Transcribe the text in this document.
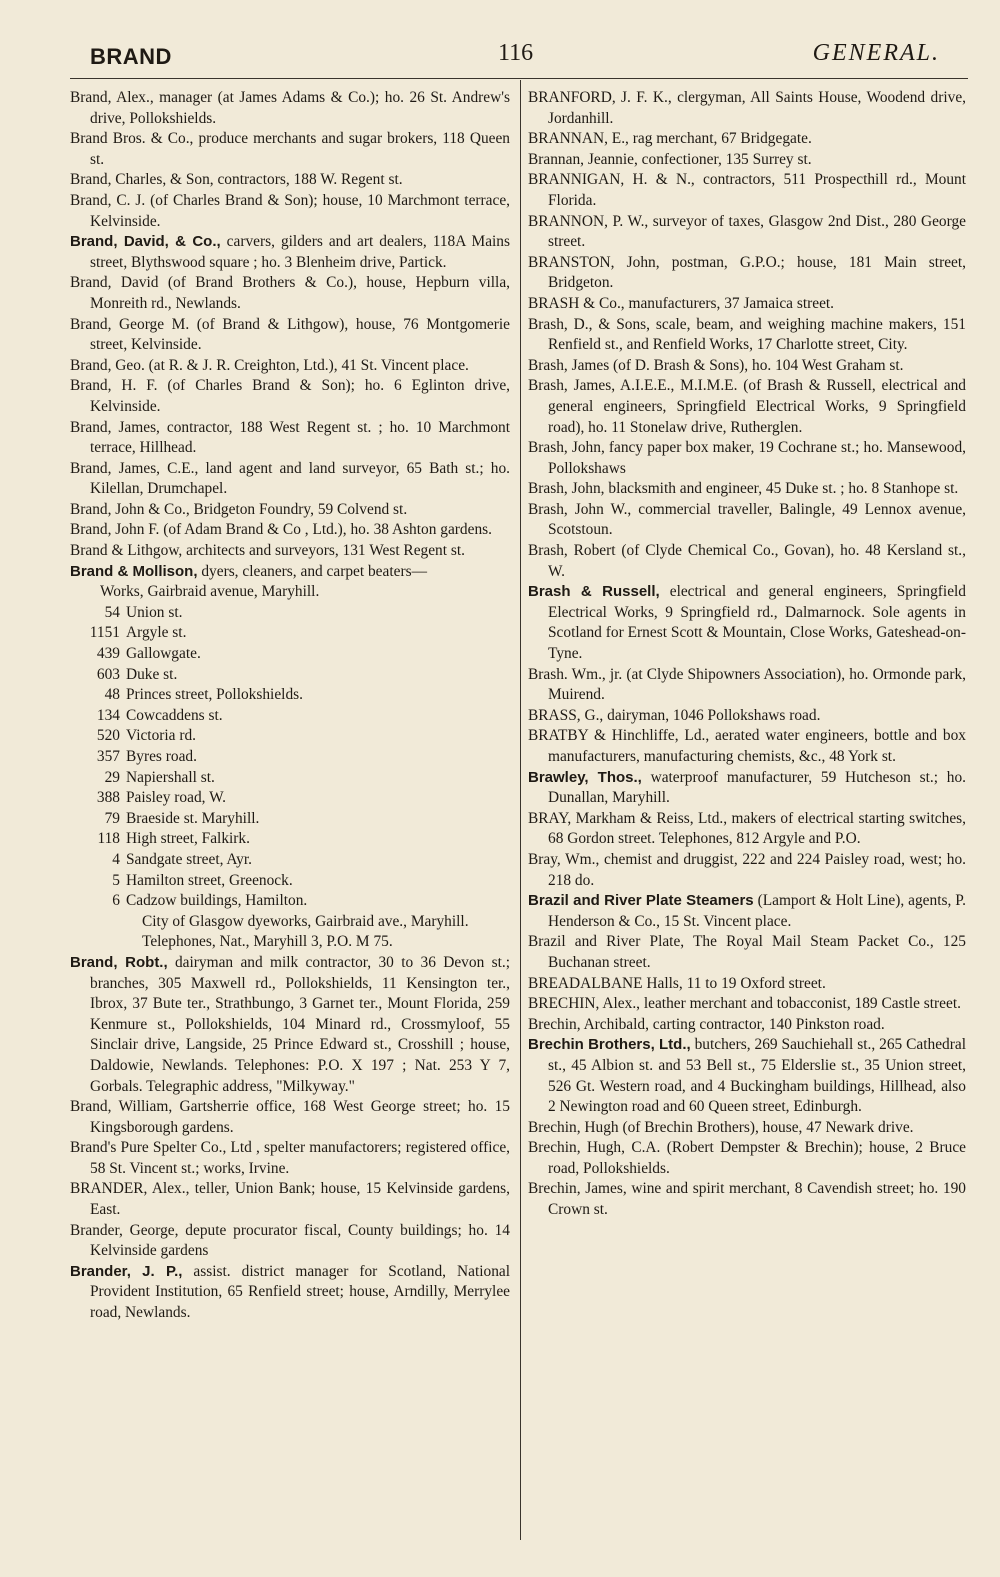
BRAND	116	GENERAL.

Brand, Alex., manager (at James Adams & Co.); ho. 26 St. Andrew's drive, Pollokshields.

Brand Bros. & Co., produce merchants and sugar brokers, 118 Queen st.

Brand, Charles, & Son, contractors, 188 W. Regent st.

Brand, C. J. (of Charles Brand & Son); house, 10 Marchmont terrace, Kelvinside.

Brand, David, & Co., carvers, gilders and art dealers, 118A Mains street, Blythswood square ; ho. 3 Blenheim drive, Partick.

Brand, David (of Brand Brothers & Co.), house, Hepburn villa, Monreith rd., Newlands.

Brand, George M. (of Brand & Lithgow), house, 76 Montgomerie street, Kelvinside.

Brand, Geo. (at R. & J. R. Creighton, Ltd.), 41 St. Vincent place.

Brand, H. F. (of Charles Brand & Son); ho. 6 Eglinton drive, Kelvinside.

Brand, James, contractor, 188 West Regent st. ; ho. 10 Marchmont terrace, Hillhead.

Brand, James, C.E., land agent and land surveyor, 65 Bath st.; ho. Kilellan, Drumchapel.

Brand, John & Co., Bridgeton Foundry, 59 Colvend st.

Brand, John F. (of Adam Brand & Co , Ltd.), ho. 38 Ashton gardens.

Brand & Lithgow, architects and surveyors, 131 West Regent st.

Brand & Mollison, dyers, cleaners, and carpet beaters—

Works, Gairbraid avenue, Maryhill.

54 Union st.

1151 Argyle st.

439 Gallowgate.

603 Duke st.

48 Princes street, Pollokshields.

134 Cowcaddens st.

520 Victoria rd.

357 Byres road.

29 Napiershall st.

388 Paisley road, W.

79 Braeside st. Maryhill.

118 High street, Falkirk.

4 Sandgate street, Ayr.

5 Hamilton street, Greenock.

6 Cadzow buildings, Hamilton.

City of Glasgow dyeworks, Gairbraid ave., Maryhill. Telephones, Nat., Maryhill 3, P.O. M 75.

Brand, Robt., dairyman and milk contractor, 30 to 36 Devon st.; branches, 305 Maxwell rd., Pollokshields, 11 Kensington ter., Ibrox, 37 Bute ter., Strathbungo, 3 Garnet ter., Mount Florida, 259 Kenmure st., Pollokshields, 104 Minard rd., Crossmyloof, 55 Sinclair drive, Langside, 25 Prince Edward st., Crosshill ; house, Daldowie, Newlands. Telephones: P.O. X 197 ; Nat. 253 Y 7, Gorbals. Telegraphic address, "Milkyway."

Brand, William, Gartsherrie office, 168 West George street; ho. 15 Kingsborough gardens.

Brand's Pure Spelter Co., Ltd , spelter manufactorers; registered office, 58 St. Vincent st.; works, Irvine.

BRANDER, Alex., teller, Union Bank; house, 15 Kelvinside gardens, East.

Brander, George, depute procurator fiscal, County buildings; ho. 14 Kelvinside gardens

Brander, J. P., assist. district manager for Scotland, National Provident Institution, 65 Renfield street; house, Arndilly, Merrylee road, Newlands.

BRANFORD, J. F. K., clergyman, All Saints House, Woodend drive, Jordanhill.

BRANNAN, E., rag merchant, 67 Bridgegate.

Brannan, Jeannie, confectioner, 135 Surrey st.

BRANNIGAN, H. & N., contractors, 511 Prospecthill rd., Mount Florida.

BRANNON, P. W., surveyor of taxes, Glasgow 2nd Dist., 280 George street.

BRANSTON, John, postman, G.P.O.; house, 181 Main street, Bridgeton.

BRASH & Co., manufacturers, 37 Jamaica street.

Brash, D., & Sons, scale, beam, and weighing machine makers, 151 Renfield st., and Renfield Works, 17 Charlotte street, City.

Brash, James (of D. Brash & Sons), ho. 104 West Graham st.

Brash, James, A.I.E.E., M.I.M.E. (of Brash & Russell, electrical and general engineers, Springfield Electrical Works, 9 Springfield road), ho. 11 Stonelaw drive, Rutherglen.

Brash, John, fancy paper box maker, 19 Cochrane st.; ho. Mansewood, Pollokshaws

Brash, John, blacksmith and engineer, 45 Duke st. ; ho. 8 Stanhope st.

Brash, John W., commercial traveller, Balingle, 49 Lennox avenue, Scotstoun.

Brash, Robert (of Clyde Chemical Co., Govan), ho. 48 Kersland st., W.

Brash & Russell, electrical and general engineers, Springfield Electrical Works, 9 Springfield rd., Dalmarnock. Sole agents in Scotland for Ernest Scott & Mountain, Close Works, Gateshead-on-Tyne.

Brash. Wm., jr. (at Clyde Shipowners Association), ho. Ormonde park, Muirend.

BRASS, G., dairyman, 1046 Pollokshaws road.

BRATBY & Hinchliffe, Ld., aerated water engineers, bottle and box manufacturers, manufacturing chemists, &c., 48 York st.

Brawley, Thos., waterproof manufacturer, 59 Hutcheson st.; ho. Dunallan, Maryhill.

BRAY, Markham & Reiss, Ltd., makers of electrical starting switches, 68 Gordon street. Telephones, 812 Argyle and P.O.

Bray, Wm., chemist and druggist, 222 and 224 Paisley road, west; ho. 218 do.

Brazil and River Plate Steamers (Lamport & Holt Line), agents, P. Henderson & Co., 15 St. Vincent place.

Brazil and River Plate, The Royal Mail Steam Packet Co., 125 Buchanan street.

BREADALBANE Halls, 11 to 19 Oxford street.

BRECHIN, Alex., leather merchant and tobacconist, 189 Castle street.

Brechin, Archibald, carting contractor, 140 Pinkston road.

Brechin Brothers, Ltd., butchers, 269 Sauchiehall st., 265 Cathedral st., 45 Albion st. and 53 Bell st., 75 Elderslie st., 35 Union street, 526 Gt. Western road, and 4 Buckingham buildings, Hillhead, also 2 Newington road and 60 Queen street, Edinburgh.

Brechin, Hugh (of Brechin Brothers), house, 47 Newark drive.

Brechin, Hugh, C.A. (Robert Dempster & Brechin); house, 2 Bruce road, Pollokshields.

Brechin, James, wine and spirit merchant, 8 Cavendish street; ho. 190 Crown st.
